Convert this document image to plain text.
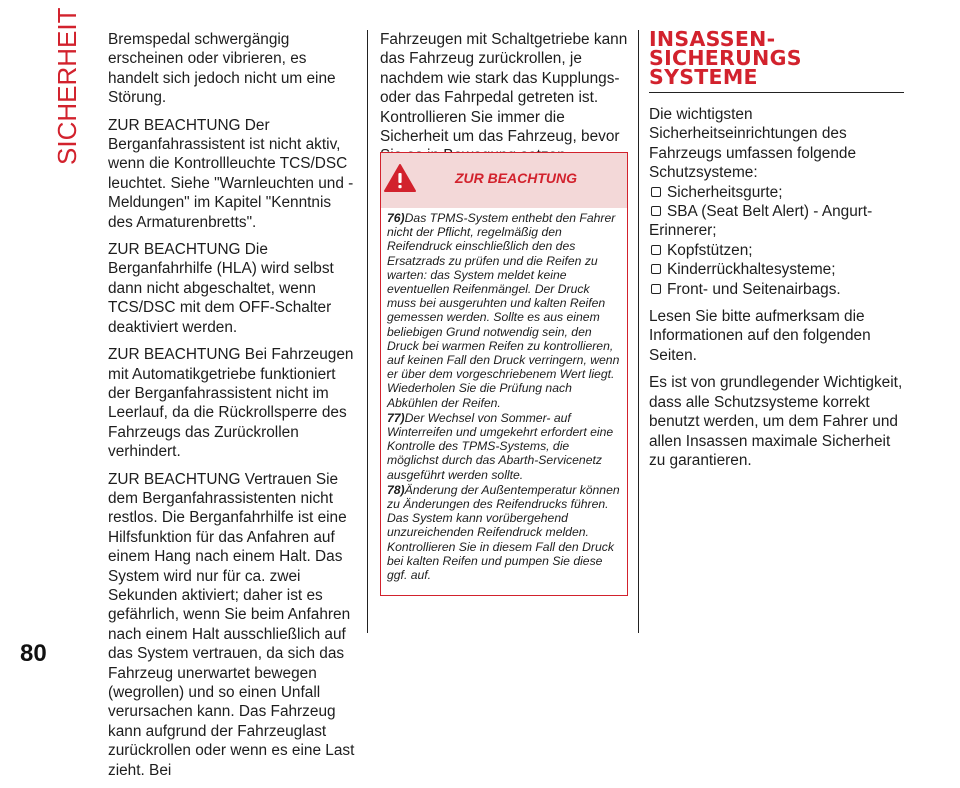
SICHERHEIT
80

Bremspedal schwergängig erscheinen oder vibrieren, es handelt sich jedoch nicht um eine Störung.

ZUR BEACHTUNG Der Berganfahrassistent ist nicht aktiv, wenn die Kontrollleuchte TCS/DSC leuchtet. Siehe "Warnleuchten und -Meldungen" im Kapitel "Kenntnis des Armaturenbretts".

ZUR BEACHTUNG Die Berganfahrhilfe (HLA) wird selbst dann nicht abgeschaltet, wenn TCS/DSC mit dem OFF-Schalter deaktiviert werden.

ZUR BEACHTUNG Bei Fahrzeugen mit Automatikgetriebe funktioniert der Berganfahrassistent nicht im Leerlauf, da die Rückrollsperre des Fahrzeugs das Zurückrollen verhindert.

ZUR BEACHTUNG Vertrauen Sie dem Berganfahrassistenten nicht restlos. Die Berganfahrhilfe ist eine Hilfsfunktion für das Anfahren auf einem Hang nach einem Halt. Das System wird nur für ca. zwei Sekunden aktiviert; daher ist es gefährlich, wenn Sie beim Anfahren nach einem Halt ausschließlich auf das System vertrauen, da sich das Fahrzeug unerwartet bewegen (wegrollen) und so einen Unfall verursachen kann. Das Fahrzeug kann aufgrund der Fahrzeuglast zurückrollen oder wenn es eine Last zieht. Bei

Fahrzeugen mit Schaltgetriebe kann das Fahrzeug zurückrollen, je nachdem wie stark das Kupplungs- oder das Fahrpedal getreten ist. Kontrollieren Sie immer die Sicherheit um das Fahrzeug, bevor

ZUR BEACHTUNG
76)Das TPMS-System enthebt den Fahrer nicht der Pflicht, regelmäßig den Reifendruck einschließlich den des Ersatzrads zu prüfen und die Reifen zu warten: das System meldet keine eventuellen Reifenmängel. Der Druck muss bei ausgeruhten und kalten Reifen gemessen werden. Sollte es aus einem beliebigen Grund notwendig sein, den Druck bei warmen Reifen zu kontrollieren, auf keinen Fall den Druck verringern, wenn er über dem vorgeschriebenem Wert liegt. Wiederholen Sie die Prüfung nach Abkühlen der Reifen.
77)Der Wechsel von Sommer- auf Winterreifen und umgekehrt erfordert eine Kontrolle des TPMS-Systems, die möglichst durch das Abarth-Servicenetz ausgeführt werden sollte.
78)Änderung der Außentemperatur können zu Änderungen des Reifendrucks führen. Das System kann vorübergehend unzureichenden Reifendruck melden. Kontrollieren Sie in diesem Fall den Druck bei kalten Reifen und pumpen Sie diese ggf. auf.
INSASSEN-
SICHERUNGS
SYSTEME

Die wichtigsten Sicherheitseinrichtungen des Fahrzeugs umfassen folgende Schutzsysteme:

Sicherheitsgurte;
SBA (Seat Belt Alert) - Angurt-Erinnerer;
Kopfstützen;
Kinderrückhaltesysteme;
Front- und Seitenairbags.

Lesen Sie bitte aufmerksam die Informationen auf den folgenden Seiten.

Es ist von grundlegender Wichtigkeit, dass alle Schutzsysteme korrekt benutzt werden, um dem Fahrer und allen Insassen maximale Sicherheit zu garantieren.
